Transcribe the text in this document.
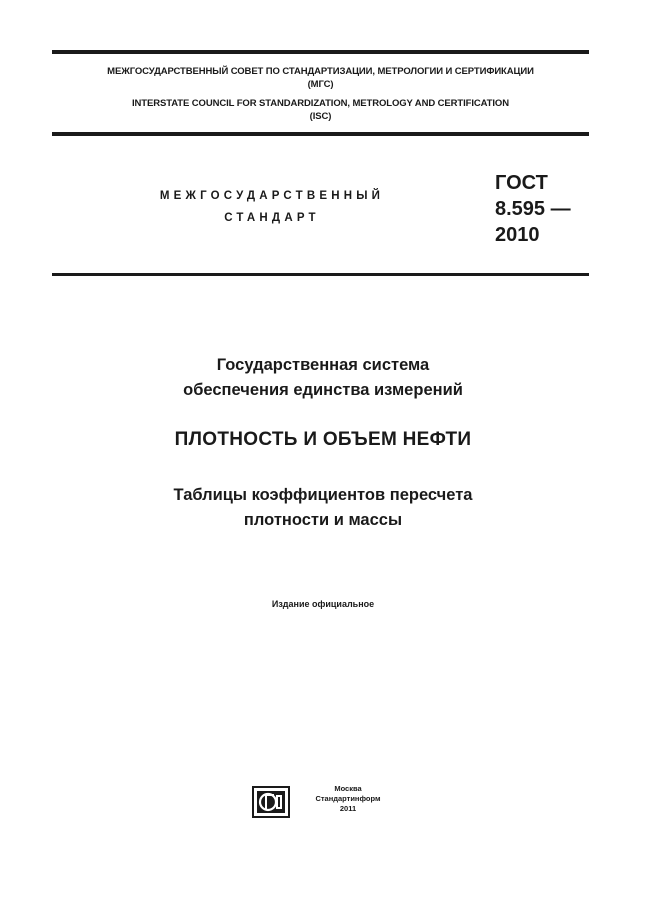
МЕЖГОСУДАРСТВЕННЫЙ СОВЕТ ПО СТАНДАРТИЗАЦИИ, МЕТРОЛОГИИ И СЕРТИФИКАЦИИ
(МГС)
INTERSTATE COUNCIL FOR STANDARDIZATION, METROLOGY AND CERTIFICATION
(ISC)
МЕЖГОСУДАРСТВЕННЫЙ
СТАНДАРТ
ГОСТ
8.595 —
2010
Государственная система
обеспечения единства измерений
ПЛОТНОСТЬ И ОБЪЕМ НЕФТИ
Таблицы коэффициентов пересчета
плотности и массы
Издание официальное
Москва
Стандартинформ
2011
